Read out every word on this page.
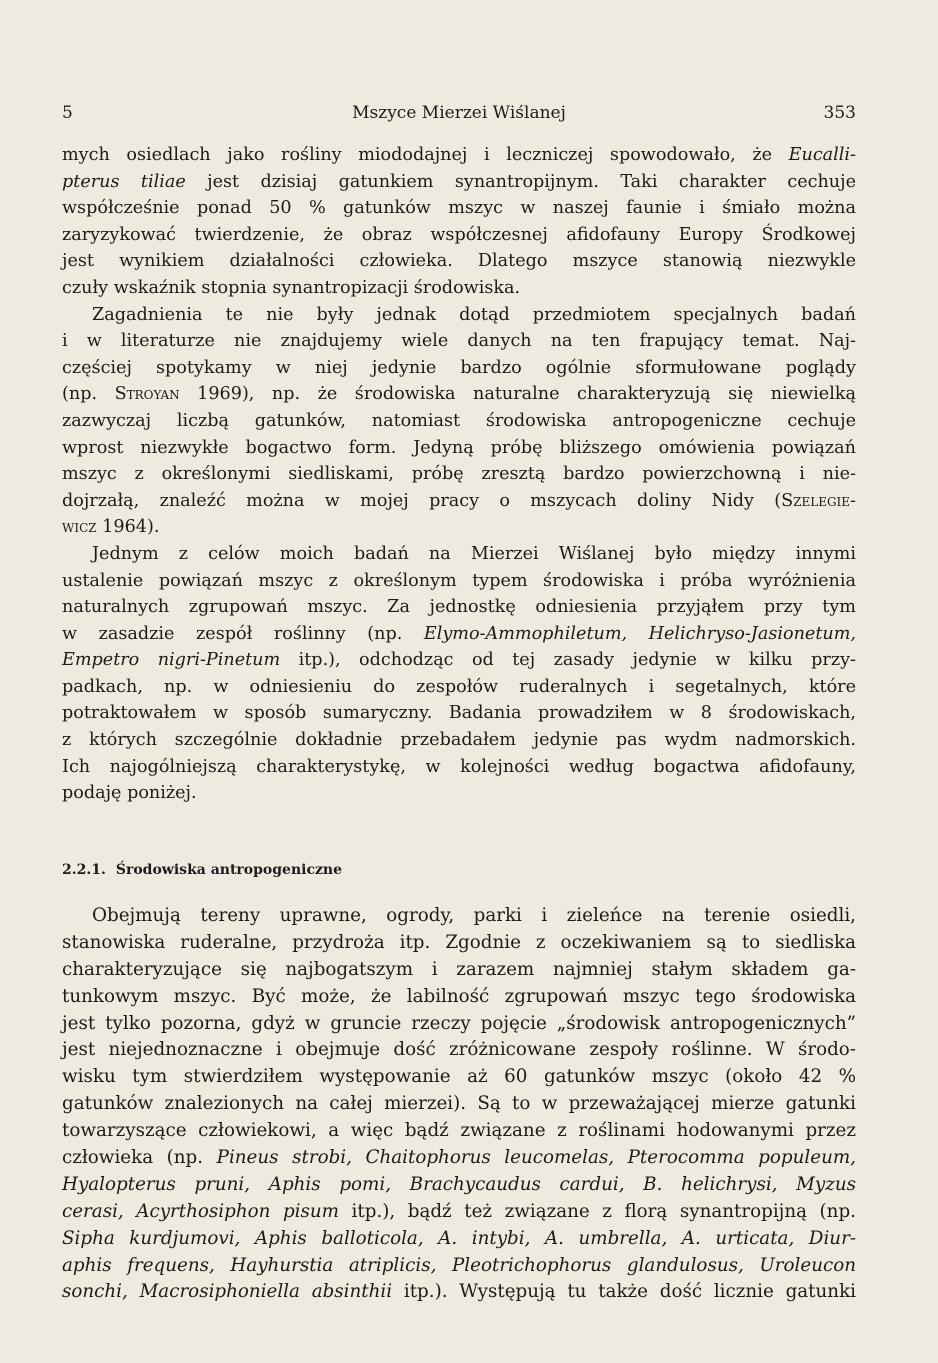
5	Mszyce Mierzei Wiślanej	353
mych osiedlach jako rośliny miododajnej i leczniczej spowodowało, że Eucalli-
pterus tiliae jest dzisiaj gatunkiem synantropijnym. Taki charakter cechuje
współcześnie ponad 50 % gatunków mszyc w naszej faunie i śmiało można
zaryzykować twierdzenie, że obraz współczesnej afidofauny Europy Środkowej
jest wynikiem działalności człowieka. Dlatego mszyce stanowią niezwykle
czuły wskaźnik stopnia synantropizacji środowiska.
Zagadnienia te nie były jednak dotąd przedmiotem specjalnych badań
i w literaturze nie znajdujemy wiele danych na ten frapujący temat. Naj-
częściej spotykamy w niej jedynie bardzo ogólnie sformułowane poglądy
(np. Stroyan 1969), np. że środowiska naturalne charakteryzują się niewielką
zazwyczaj liczbą gatunków, natomiast środowiska antropogeniczne cechuje
wprost niezwykłe bogactwo form. Jedyną próbę bliższego omówienia powiązań
mszyc z określonymi siedliskami, próbę zresztą bardzo powierzchowną i nie-
dojrzałą, znaleźć można w mojej pracy o mszycach doliny Nidy (Szelegie-
wicz 1964).
Jednym z celów moich badań na Mierzei Wiślanej było między innymi
ustalenie powiązań mszyc z określonym typem środowiska i próba wyróżnienia
naturalnych zgrupowań mszyc. Za jednostkę odniesienia przyjąłem przy tym
w zasadzie zespół roślinny (np. Elymo-Ammophiletum, Helichryso-Jasionetum,
Empetro nigri-Pinetum itp.), odchodząc od tej zasady jedynie w kilku przy-
padkach, np. w odniesieniu do zespołów ruderalnych i segetalnych, które
potraktowałem w sposób sumaryczny. Badania prowadziłem w 8 środowiskach,
z których szczególnie dokładnie przebadałem jedynie pas wydm nadmorskich.
Ich najogólniejszą charakterystykę, w kolejności według bogactwa afidofauny,
podaję poniżej.
2.2.1. Środowiska antropogeniczne
Obejmują tereny uprawne, ogrody, parki i zieleńce na terenie osiedli,
stanowiska ruderalne, przydroża itp. Zgodnie z oczekiwaniem są to siedliska
charakteryzujące się najbogatszym i zarazem najmniej stałym składem ga-
tunkowym mszyc. Być może, że labilność zgrupowań mszyc tego środowiska
jest tylko pozorna, gdyż w gruncie rzeczy pojęcie „środowisk antropogenicznych”
jest niejednoznaczne i obejmuje dość zróżnicowane zespoły roślinne. W środo-
wisku tym stwierdziłem występowanie aż 60 gatunków mszyc (około 42 %
gatunków znalezionych na całej mierzei). Są to w przeważającej mierze gatunki
towarzyszące człowiekowi, a więc bądź związane z roślinami hodowanymi przez
człowieka (np. Pineus strobi, Chaitophorus leucomelas, Pterocomma populeum,
Hyalopterus pruni, Aphis pomi, Brachycaudus cardui, B. helichrysi, Myzus
cerasi, Acyrthosiphon pisum itp.), bądź też związane z florą synantropijną (np.
Sipha kurdjumovi, Aphis balloticola, A. intybi, A. umbrella, A. urticata, Diur-
aphis frequens, Hayhurstia atriplicis, Pleotrichophorus glandulosus, Uroleucon
sonchi, Macrosiphoniella absinthii itp.). Występują tu także dość licznie gatunki
